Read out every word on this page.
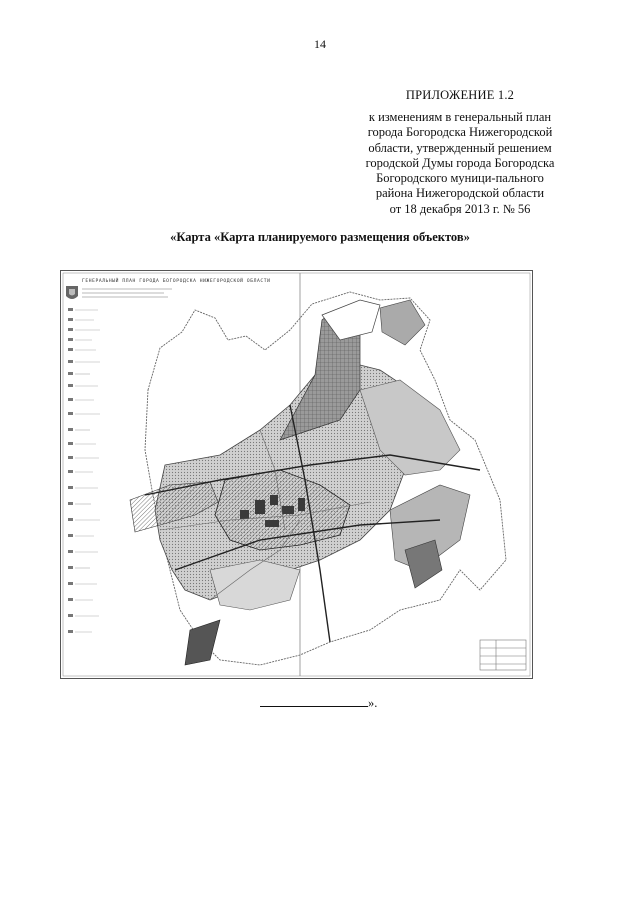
14
ПРИЛОЖЕНИЕ 1.2
к изменениям в генеральный план
города Богородска Нижегородской
области, утвержденный решением
городской Думы города Богородска
Богородского муници-пального
района Нижегородской области
от 18 декабря 2013 г. № 56
«Карта «Карта планируемого размещения объектов»
ГЕНЕРАЛЬНЫЙ ПЛАН ГОРОДА БОГОРОДСКА НИЖЕГОРОДСКОЙ ОБЛАСТИ
».
